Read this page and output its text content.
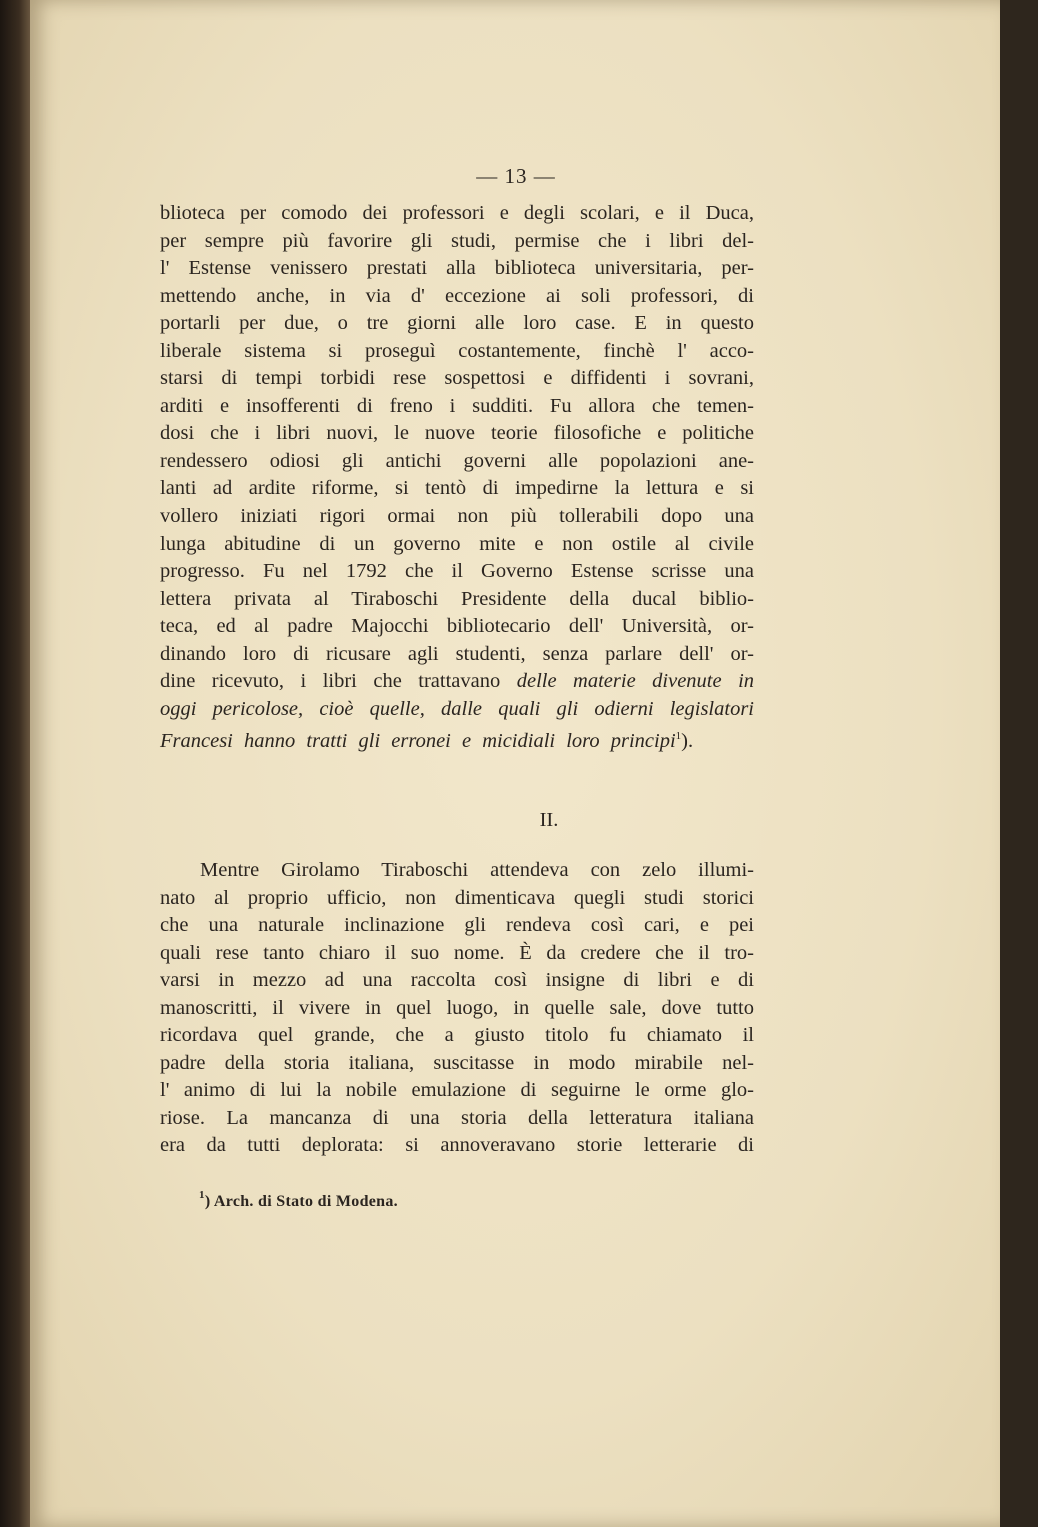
— 13 —
blioteca per comodo dei professori e degli scolari, e il Duca,
per sempre più favorire gli studi, permise che i libri del-
l' Estense venissero prestati alla biblioteca universitaria, per-
mettendo anche, in via d' eccezione ai soli professori, di
portarli per due, o tre giorni alle loro case. E in questo
liberale sistema si proseguì costantemente, finchè l' acco-
starsi di tempi torbidi rese sospettosi e diffidenti i sovrani,
arditi e insofferenti di freno i sudditi. Fu allora che temen-
dosi che i libri nuovi, le nuove teorie filosofiche e politiche
rendessero odiosi gli antichi governi alle popolazioni ane-
lanti ad ardite riforme, si tentò di impedirne la lettura e si
vollero iniziati rigori ormai non più tollerabili dopo una
lunga abitudine di un governo mite e non ostile al civile
progresso. Fu nel 1792 che il Governo Estense scrisse una
lettera privata al Tiraboschi Presidente della ducal biblio-
teca, ed al padre Majocchi bibliotecario dell' Università, or-
dinando loro di ricusare agli studenti, senza parlare dell' or-
dine ricevuto, i libri che trattavano delle materie divenute in
oggi pericolose, cioè quelle, dalle quali gli odierni legislatori
Francesi hanno tratti gli erronei e micidiali loro principi$^1$).
II.
Mentre Girolamo Tiraboschi attendeva con zelo illumi-
nato al proprio ufficio, non dimenticava quegli studi storici
che una naturale inclinazione gli rendeva così cari, e pei
quali rese tanto chiaro il suo nome. È da credere che il tro-
varsi in mezzo ad una raccolta così insigne di libri e di
manoscritti, il vivere in quel luogo, in quelle sale, dove tutto
ricordava quel grande, che a giusto titolo fu chiamato il
padre della storia italiana, suscitasse in modo mirabile nel-
l' animo di lui la nobile emulazione di seguirne le orme glo-
riose. La mancanza di una storia della letteratura italiana
era da tutti deplorata: si annoveravano storie letterarie di
$^1$) Arch. di Stato di Modena.
